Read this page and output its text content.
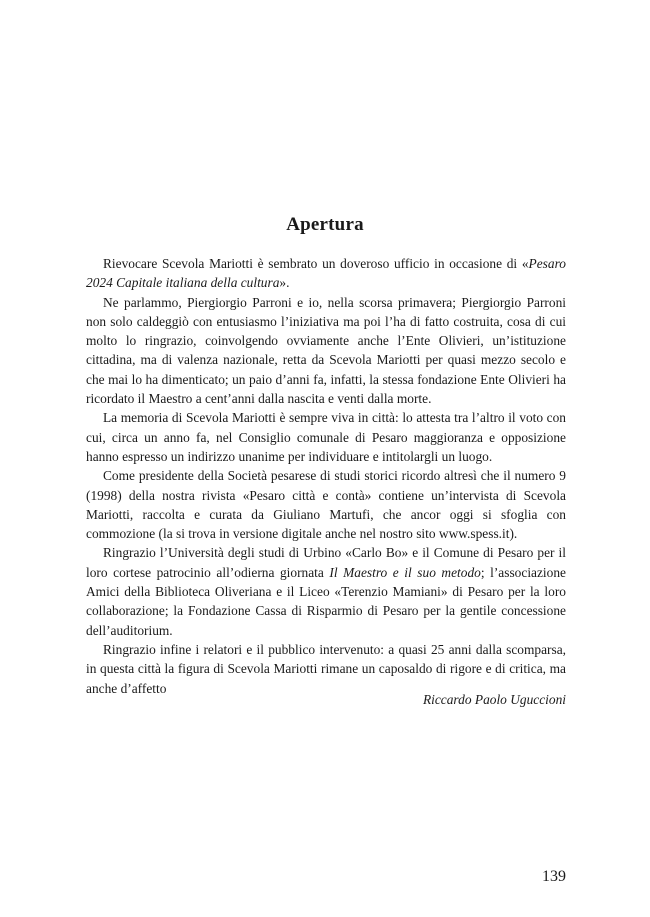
Apertura

Rievocare Scevola Mariotti è sembrato un doveroso ufficio in occasione di «Pesaro 2024 Capitale italiana della cultura».

Ne parlammo, Piergiorgio Parroni e io, nella scorsa primavera; Piergiorgio Parroni non solo caldeggiò con entusiasmo l’iniziativa ma poi l’ha di fatto costruita, cosa di cui molto lo ringrazio, coinvolgendo ovviamente anche l’Ente Olivieri, un’istituzione cittadina, ma di valenza nazionale, retta da Scevola Mariotti per quasi mezzo secolo e che mai lo ha dimenticato; un paio d’anni fa, infatti, la stessa fondazione Ente Olivieri ha ricordato il Maestro a cent’anni dalla nascita e venti dalla morte.

La memoria di Scevola Mariotti è sempre viva in città: lo attesta tra l’altro il voto con cui, circa un anno fa, nel Consiglio comunale di Pesaro maggioranza e opposizione hanno espresso un indirizzo unanime per individuare e intitolargli un luogo.

Come presidente della Società pesarese di studi storici ricordo altresì che il numero 9 (1998) della nostra rivista «Pesaro città e contà» contiene un’intervista di Scevola Mariotti, raccolta e curata da Giuliano Martufi, che ancor oggi si sfoglia con commozione (la si trova in versione digitale anche nel nostro sito www.spess.it).

Ringrazio l’Università degli studi di Urbino «Carlo Bo» e il Comune di Pesaro per il loro cortese patrocinio all’odierna giornata Il Maestro e il suo metodo; l’associazione Amici della Biblioteca Oliveriana e il Liceo «Terenzio Mamiani» di Pesaro per la loro collaborazione; la Fondazione Cassa di Risparmio di Pesaro per la gentile concessione dell’auditorium.

Ringrazio infine i relatori e il pubblico intervenuto: a quasi 25 anni dalla scomparsa, in questa città la figura di Scevola Mariotti rimane un caposaldo di rigore e di critica, ma anche d’affetto

Riccardo Paolo Uguccioni
139
